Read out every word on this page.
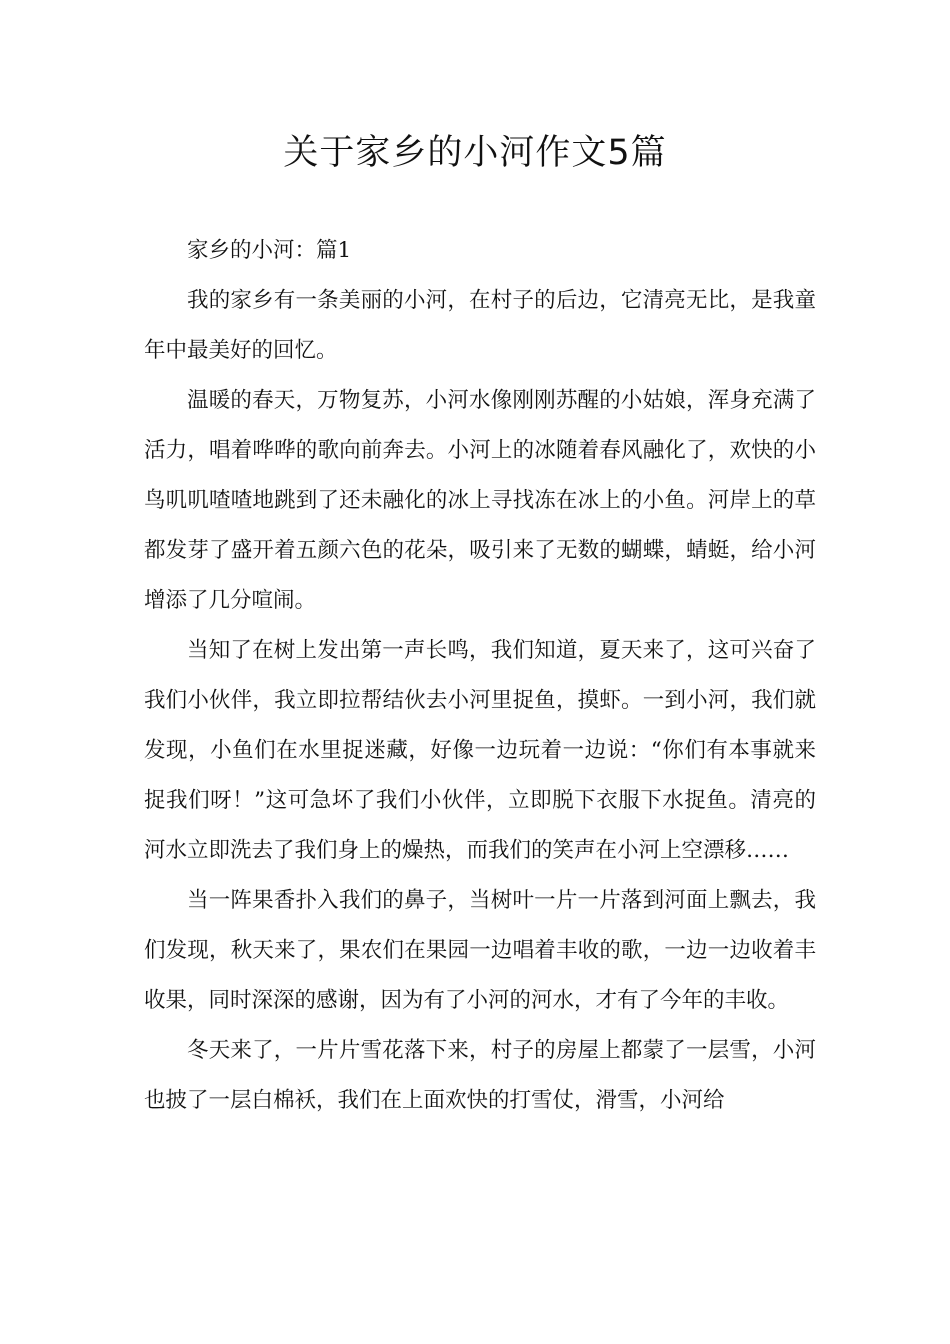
关于家乡的小河作文5篇

家乡的小河：篇1

我的家乡有一条美丽的小河，在村子的后边，它清亮无比，是我童年中最美好的回忆。

温暖的春天，万物复苏，小河水像刚刚苏醒的小姑娘，浑身充满了活力，唱着哗哗的歌向前奔去。小河上的冰随着春风融化了，欢快的小鸟叽叽喳喳地跳到了还未融化的冰上寻找冻在冰上的小鱼。河岸上的草都发芽了盛开着五颜六色的花朵，吸引来了无数的蝴蝶，蜻蜓，给小河增添了几分喧闹。

当知了在树上发出第一声长鸣，我们知道，夏天来了，这可兴奋了我们小伙伴，我立即拉帮结伙去小河里捉鱼，摸虾。一到小河，我们就发现，小鱼们在水里捉迷藏，好像一边玩着一边说：“你们有本事就来捉我们呀！”这可急坏了我们小伙伴，立即脱下衣服下水捉鱼。清亮的河水立即洗去了我们身上的燥热，而我们的笑声在小河上空漂移……

当一阵果香扑入我们的鼻子，当树叶一片一片落到河面上飘去，我们发现，秋天来了，果农们在果园一边唱着丰收的歌，一边一边收着丰收果，同时深深的感谢，因为有了小河的河水，才有了今年的丰收。

冬天来了，一片片雪花落下来，村子的房屋上都蒙了一层雪，小河也披了一层白棉袄，我们在上面欢快的打雪仗，滑雪，小河给
